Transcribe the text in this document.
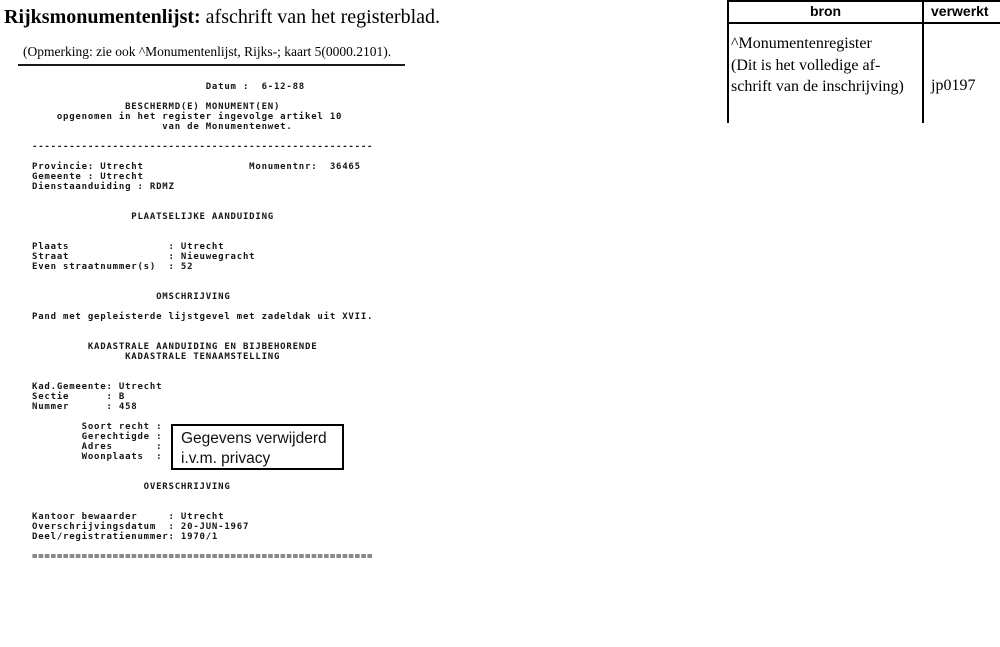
Rijksmonumentenlijst: afschrift van het registerblad.
(Opmerking: zie ook ^Monumentenlijst, Rijks-; kaart 5(0000.2101).
Datum :  6-12-88
BESCHERMD(E) MONUMENT(EN)
opgenomen in het register ingevolge artikel 10
van de Monumentenwet.
-------------------------------------------------------
Provincie: Utrecht                 Monumentnr:  36465
Gemeente : Utrecht
Dienstaanduiding : RDMZ
PLAATSELIJKE AANDUIDING
Plaats                : Utrecht
Straat                : Nieuwegracht
Even straatnummer(s)  : 52
OMSCHRIJVING
Pand met gepleisterde lijstgevel met zadeldak uit XVII.
KADASTRALE AANDUIDING EN BIJBEHORENDE
KADASTRALE TENAAMSTELLING
Kad.Gemeente: Utrecht
Sectie      : B
Nummer      : 458
Soort recht :
Gerechtigde :
Adres       :
Woonplaats  :
OVERSCHRIJVING
Kantoor bewaarder     : Utrecht
Overschrijvingsdatum  : 20-JUN-1967
Deel/registratienummer: 1970/1
=======================================================
Gegevens verwijderd
i.v.m. privacy
bron	verwerkt
^Monumentenregister
(Dit is het volledige af-
schrift van de inschrijving) jp0197
